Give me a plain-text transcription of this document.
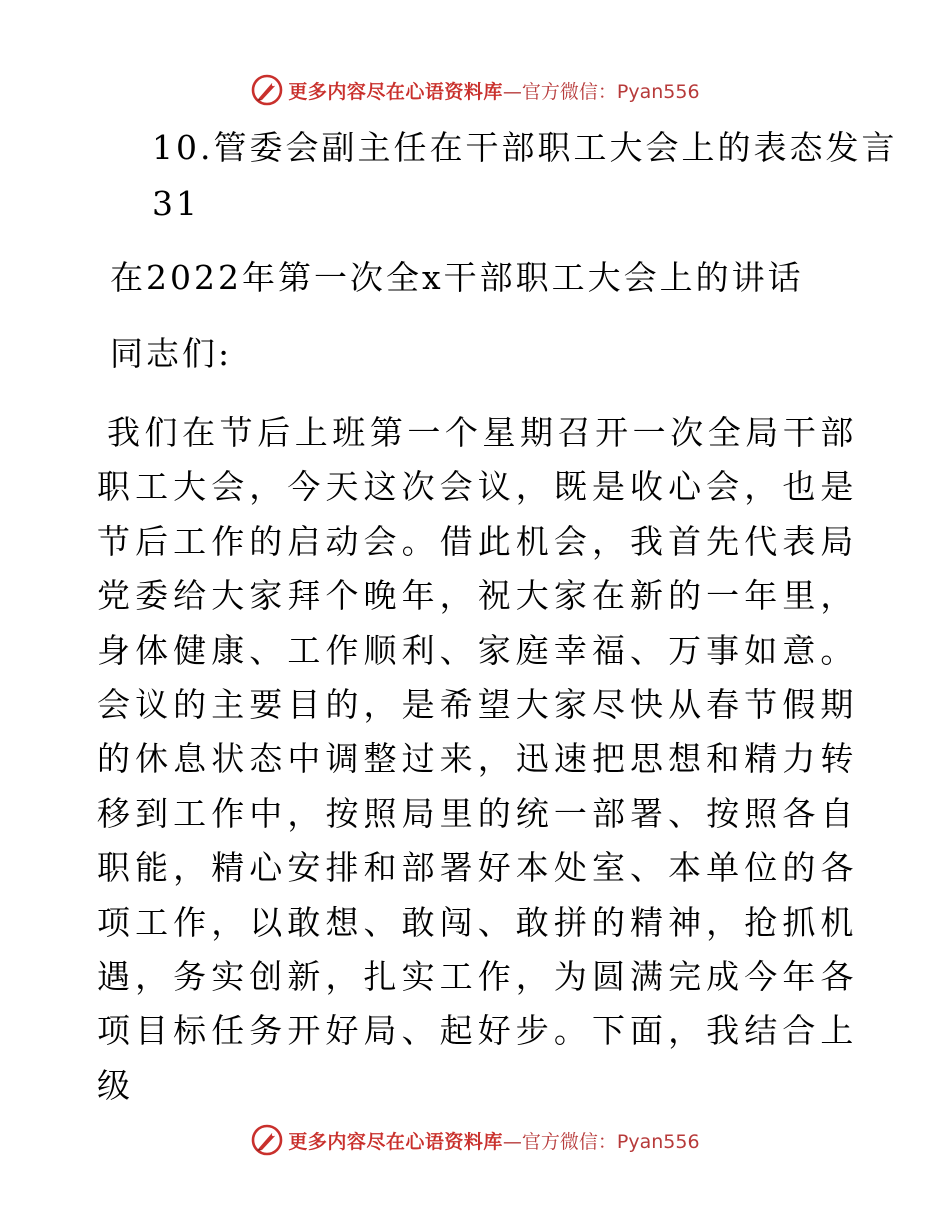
更多内容尽在心语资料库 —官方微信：Pyan556
10.管委会副主任在干部职工大会上的表态发言
31
在2022年第一次全x干部职工大会上的讲话
同志们:

我们在节后上班第一个星期召开一次全局干部职工大会，今天这次会议，既是收心会，也是节后工作的启动会。借此机会，我首先代表局党委给大家拜个晚年，祝大家在新的一年里，身体健康、工作顺利、家庭幸福、万事如意。会议的主要目的，是希望大家尽快从春节假期的休息状态中调整过来，迅速把思想和精力转移到工作中，按照局里的统一部署、按照各自职能，精心安排和部署好本处室、本单位的各项工作，以敢想、敢闯、敢拼的精神，抢抓机遇，务实创新，扎实工作，为圆满完成今年各项目标任务开好局、起好步。下面，我结合上级

更多内容尽在心语资料库 —官方微信：Pyan556
